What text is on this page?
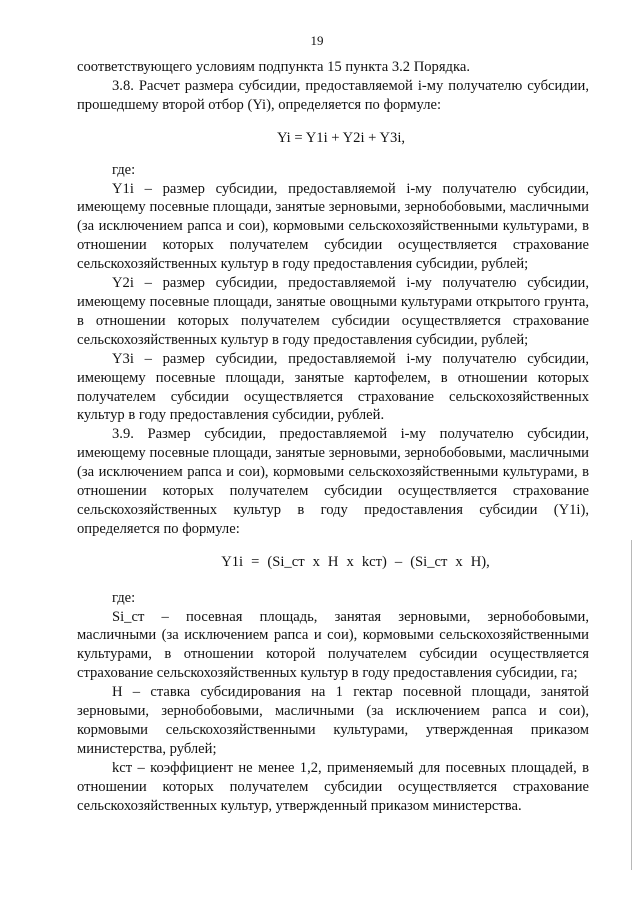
19

соответствующего условиям подпункта 15 пункта 3.2 Порядка.

3.8. Расчет размера субсидии, предоставляемой i-му получателю субсидии, прошедшему второй отбор (Yi), определяется по формуле:

Yi = Y1i + Y2i + Y3i,

где:

Y1i – размер субсидии, предоставляемой i-му получателю субсидии, имеющему посевные площади, занятые зерновыми, зернобобовыми, масличными (за исключением рапса и сои), кормовыми сельскохозяйственными культурами, в отношении которых получателем субсидии осуществляется страхование сельскохозяйственных культур в году предоставления субсидии, рублей;

Y2i – размер субсидии, предоставляемой i-му получателю субсидии, имеющему посевные площади, занятые овощными культурами открытого грунта, в отношении которых получателем субсидии осуществляется страхование сельскохозяйственных культур в году предоставления субсидии, рублей;

Y3i – размер субсидии, предоставляемой i-му получателю субсидии, имеющему посевные площади, занятые картофелем, в отношении которых получателем субсидии осуществляется страхование сельскохозяйственных культур в году предоставления субсидии, рублей.

3.9. Размер субсидии, предоставляемой i-му получателю субсидии, имеющему посевные площади, занятые зерновыми, зернобобовыми, масличными (за исключением рапса и сои), кормовыми сельскохозяйственными культурами, в отношении которых получателем субсидии осуществляется страхование сельскохозяйственных культур в году предоставления субсидии (Y1i), определяется по формуле:

Y1i = (Si_ст х Н х kст) – (Si_ст х Н),

где:

Si_ст – посевная площадь, занятая зерновыми, зернобобовыми, масличными (за исключением рапса и сои), кормовыми сельскохозяйственными культурами, в отношении которой получателем субсидии осуществляется страхование сельскохозяйственных культур в году предоставления субсидии, га;

Н – ставка субсидирования на 1 гектар посевной площади, занятой зерновыми, зернобобовыми, масличными (за исключением рапса и сои), кормовыми сельскохозяйственными культурами, утвержденная приказом министерства, рублей;

kст – коэффициент не менее 1,2, применяемый для посевных площадей, в отношении которых получателем субсидии осуществляется страхование сельскохозяйственных культур, утвержденный приказом министерства.
